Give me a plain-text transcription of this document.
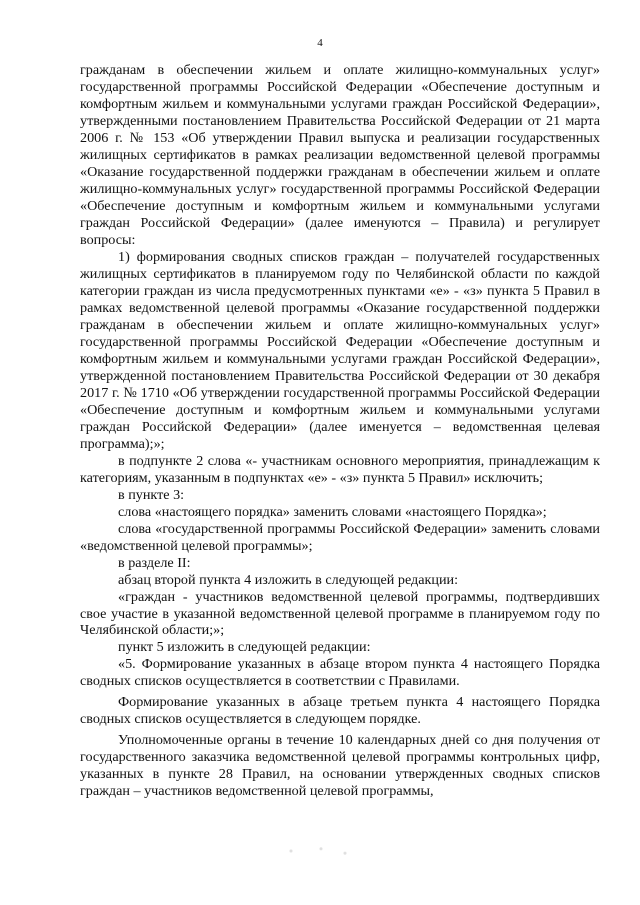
4

гражданам в обеспечении жильем и оплате жилищно-коммунальных услуг» государственной программы Российской Федерации «Обеспечение доступным и комфортным жильем и коммунальными услугами граждан Российской Федерации», утвержденными постановлением Правительства Российской Федерации от 21 марта 2006 г. № 153 «Об утверждении Правил выпуска и реализации государственных жилищных сертификатов в рамках реализации ведомственной целевой программы «Оказание государственной поддержки гражданам в обеспечении жильем и оплате жилищно-коммунальных услуг» государственной программы Российской Федерации «Обеспечение доступным и комфортным жильем и коммунальными услугами граждан Российской Федерации» (далее именуются – Правила) и регулирует вопросы:

1) формирования сводных списков граждан – получателей государственных жилищных сертификатов в планируемом году по Челябинской области по каждой категории граждан из числа предусмотренных пунктами «е» - «з» пункта 5 Правил в рамках ведомственной целевой программы «Оказание государственной поддержки гражданам в обеспечении жильем и оплате жилищно-коммунальных услуг» государственной программы Российской Федерации «Обеспечение доступным и комфортным жильем и коммунальными услугами граждан Российской Федерации», утвержденной постановлением Правительства Российской Федерации от 30 декабря 2017 г. № 1710 «Об утверждении государственной программы Российской Федерации «Обеспечение доступным и комфортным жильем и коммунальными услугами граждан Российской Федерации» (далее именуется – ведомственная целевая программа);»;

в подпункте 2 слова «- участникам основного мероприятия, принадлежащим к категориям, указанным в подпунктах «е» - «з» пункта 5 Правил» исключить;

в пункте 3:

слова «настоящего порядка» заменить словами «настоящего Порядка»;

слова «государственной программы Российской Федерации» заменить словами «ведомственной целевой программы»;

в разделе II:

абзац второй пункта 4 изложить в следующей редакции:

«граждан - участников ведомственной целевой программы, подтвердивших свое участие в указанной ведомственной целевой программе в планируемом году по Челябинской области;»;

пункт 5 изложить в следующей редакции:

«5. Формирование указанных в абзаце втором пункта 4 настоящего Порядка сводных списков осуществляется в соответствии с Правилами.

Формирование указанных в абзаце третьем пункта 4 настоящего Порядка сводных списков осуществляется в следующем порядке.

Уполномоченные органы в течение 10 календарных дней со дня получения от государственного заказчика ведомственной целевой программы контрольных цифр, указанных в пункте 28 Правил, на основании утвержденных сводных списков граждан – участников ведомственной целевой программы,
